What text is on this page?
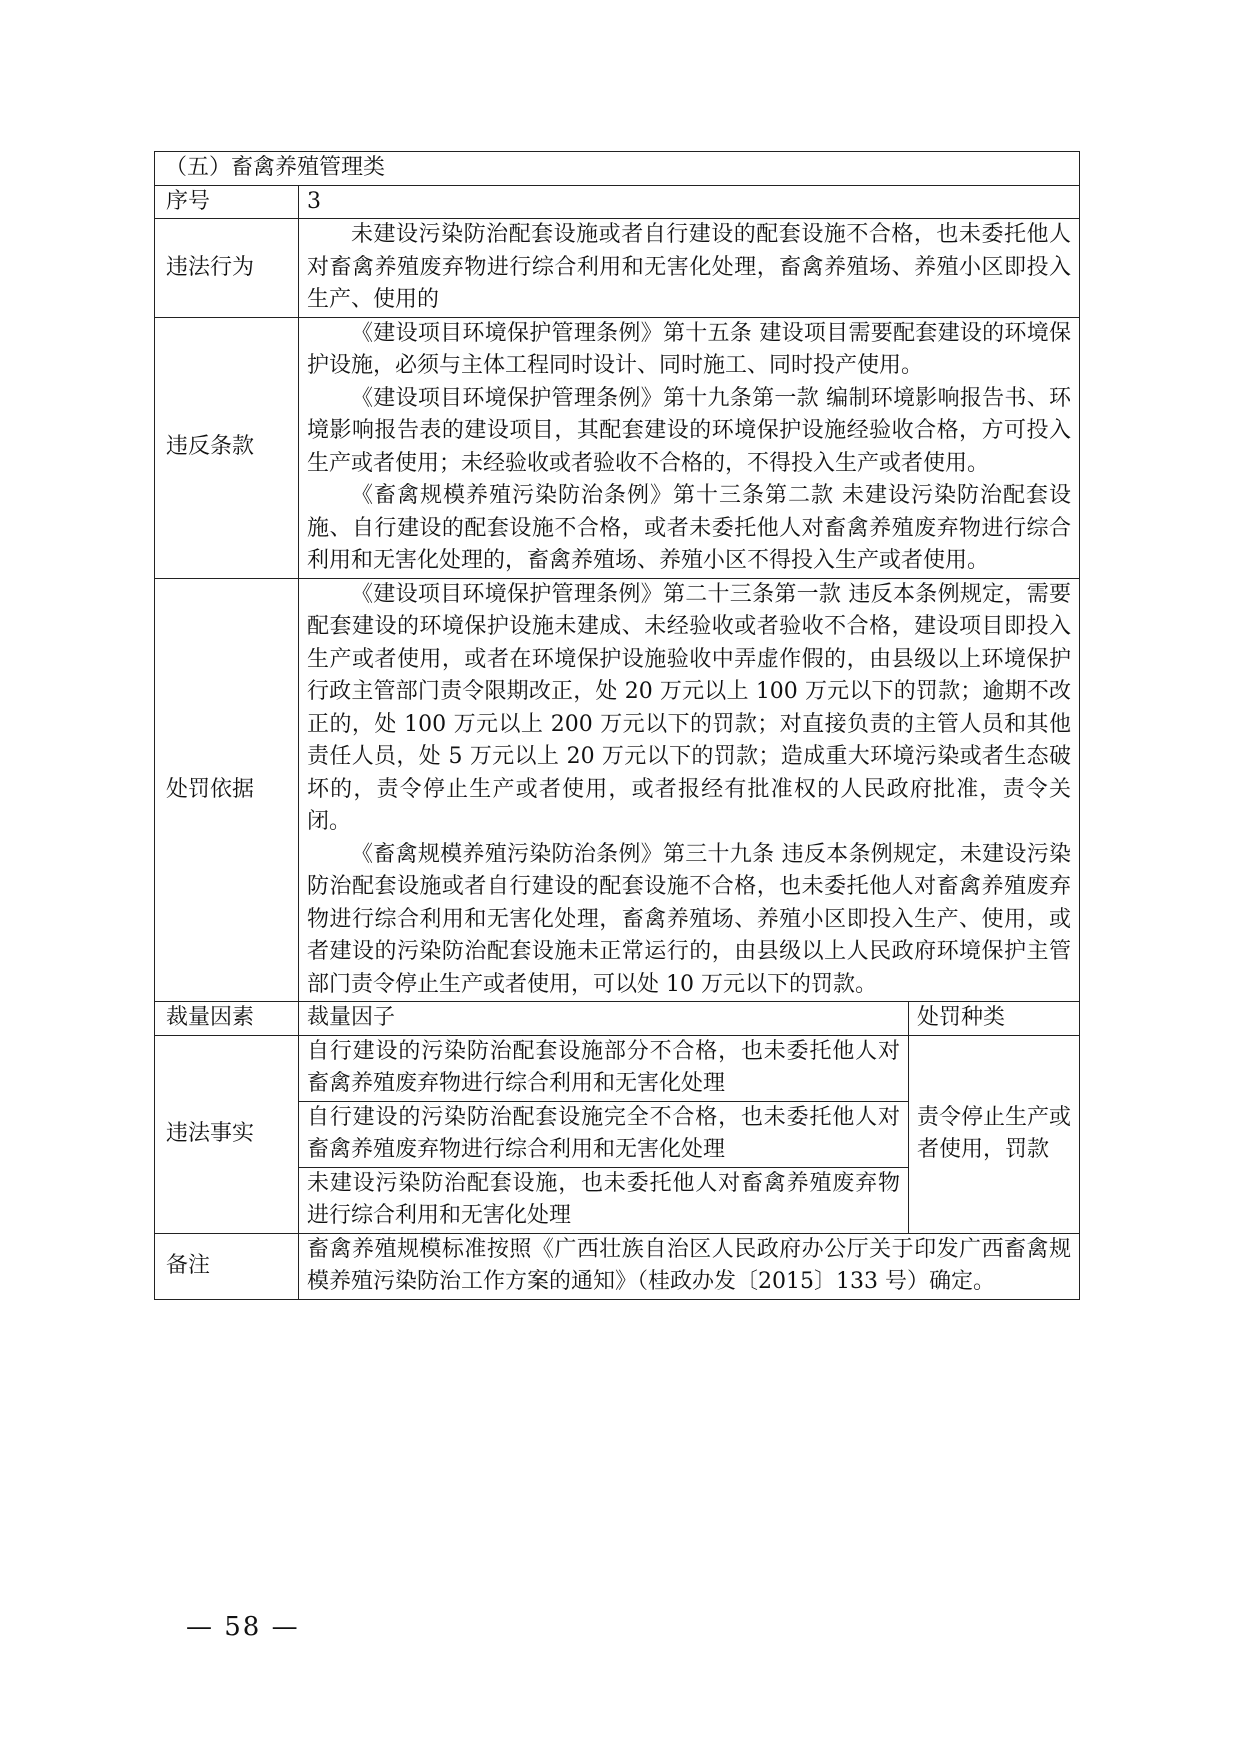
（五）畜禽养殖管理类		
序号	3	
违法行为	未建设污染防治配套设施或者自行建设的配套设施不合格，也未委托他人对畜禽养殖废弃物进行综合利用和无害化处理，畜禽养殖场、养殖小区即投入生产、使用的	
违反条款	《建设项目环境保护管理条例》第十五条 建设项目需要配套建设的环境保护设施，必须与主体工程同时设计、同时施工、同时投产使用。
《建设项目环境保护管理条例》第十九条第一款 编制环境影响报告书、环境影响报告表的建设项目，其配套建设的环境保护设施经验收合格，方可投入生产或者使用；未经验收或者验收不合格的，不得投入生产或者使用。
《畜禽规模养殖污染防治条例》第十三条第二款 未建设污染防治配套设施、自行建设的配套设施不合格，或者未委托他人对畜禽养殖废弃物进行综合利用和无害化处理的，畜禽养殖场、养殖小区不得投入生产或者使用。	

处罚依据	《建设项目环境保护管理条例》第二十三条第一款 违反本条例规定，需要配套建设的环境保护设施未建成、未经验收或者验收不合格，建设项目即投入生产或者使用，或者在环境保护设施验收中弄虚作假的，由县级以上环境保护行政主管部门责令限期改正，处 20 万元以上 100 万元以下的罚款；逾期不改正的，处 100 万元以上 200 万元以下的罚款；对直接负责的主管人员和其他责任人员，处 5 万元以上 20 万元以下的罚款；造成重大环境污染或者生态破坏的，责令停止生产或者使用，或者报经有批准权的人民政府批准，责令关闭。
《畜禽规模养殖污染防治条例》第三十九条 违反本条例规定，未建设污染防治配套设施或者自行建设的配套设施不合格，也未委托他人对畜禽养殖废弃物进行综合利用和无害化处理，畜禽养殖场、养殖小区即投入生产、使用，或者建设的污染防治配套设施未正常运行的，由县级以上人民政府环境保护主管部门责令停止生产或者使用，可以处 10 万元以下的罚款。	

裁量因素	裁量因子	处罚种类
违法事实	自行建设的污染防治配套设施部分不合格，也未委托他人对畜禽养殖废弃物进行综合利用和无害化处理	责令停止生产或者使用，罚款
	自行建设的污染防治配套设施完全不合格，也未委托他人对畜禽养殖废弃物进行综合利用和无害化处理	
	未建设污染防治配套设施，也未委托他人对畜禽养殖废弃物进行综合利用和无害化处理	
备注	畜禽养殖规模标准按照《广西壮族自治区人民政府办公厅关于印发广西畜禽规模养殖污染防治工作方案的通知》（桂政办发〔2015〕133 号）确定。	
— 58 —
